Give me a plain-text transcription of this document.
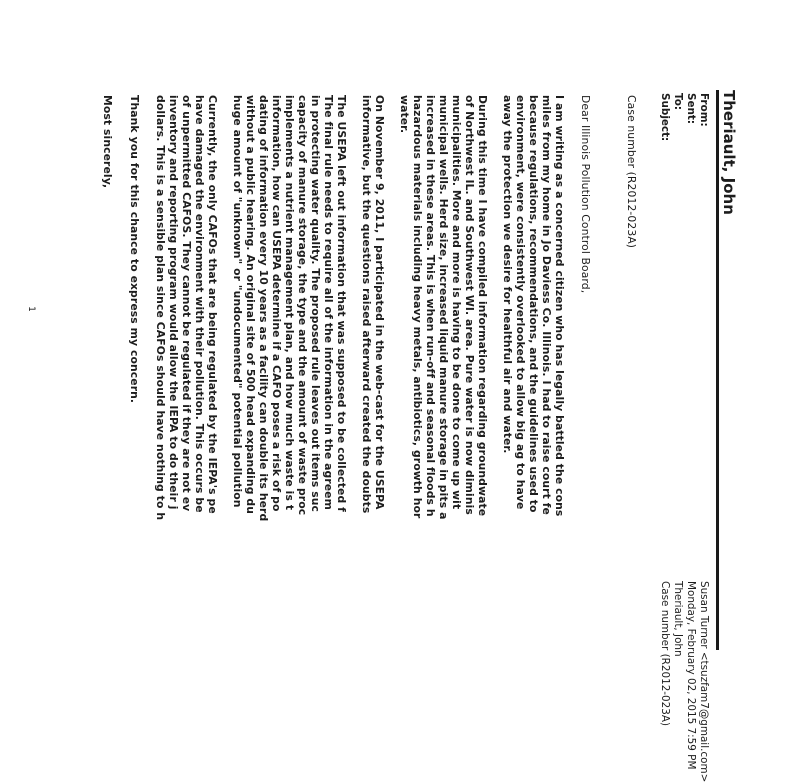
Theriault, John
From:
Susan Turner <tsuzfam7@gmail.com>
Sent:
Monday, February 02, 2015 7:59 PM
To:
Theriault, John
Subject:
Case number (R2012-023A)
Case number (R2012-023A)
Dear Illinois Pollution Control Board,
I am writing as a concerned citizen who has legally battled the cons
miles from my home in Jo Daviess Co. Illinois. I had to raise court fe
because regulations, recommendations, and the guidelines used to
environment, were consistently overlooked to allow big ag to have
away the protection we desire for healthful air and water.
During this time I have compiled information regarding groundwate
of Northwest IL. and Southwest WI. area. Pure water is now diminis
municipalities. More and more is having to be done to come up wit
municipal wells. Herd size, increased liquid manure storage in pits a
increased in these areas. This is when run-off and seasonal floods h
hazardous materials including heavy metals, antibiotics, growth hor
water.
On November 9, 2011, I participated in the web-cast for the USEPA
informative, but the questions raised afterward created the doubts
The USEPA left out information that was supposed to be collected f
The final rule needs to require all of the information in the agreem
in protecting water quality. The proposed rule leaves out items suc
capacity of manure storage, the type and the amount of waste proc
implements a nutrient management plan, and how much waste is t
information, how can USEPA determine if a CAFO poses a risk of po
dating of information every 10 years as a facility can double its herd
without a public hearing. An original site of 500 head expanding du
huge amount of "unknown" or "undocumented" potential pollution
Currently, the only CAFOs that are being regulated by the IEPA's pe
have damaged the environment with their pollution. This occurs be
of unpermitted CAFOS. They cannot be regulated if they are not ev
inventory and reporting program would allow the IEPA to do their j
dollars. This is a sensible plan since CAFOs should have nothing to h
Thank you for this chance to express my concern.
Most sincerely,
1
